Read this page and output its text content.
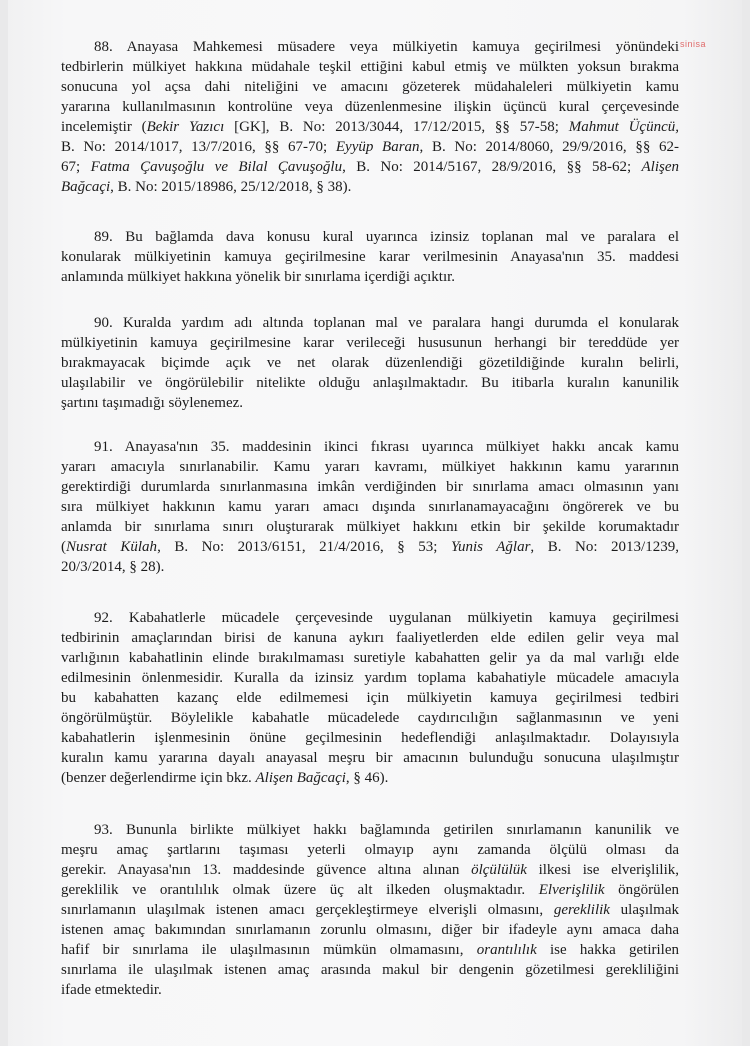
sinisa
88. Anayasa Mahkemesi müsadere veya mülkiyetin kamuya geçirilmesi yönündeki
tedbirlerin mülkiyet hakkına müdahale teşkil ettiğini kabul etmiş ve mülkten yoksun bırakma
sonucuna yol açsa dahi niteliğini ve amacını gözeterek müdahaleleri mülkiyetin kamu
yararına kullanılmasının kontrolüne veya düzenlenmesine ilişkin üçüncü kural çerçevesinde
incelemiştir (Bekir Yazıcı [GK], B. No: 2013/3044, 17/12/2015, §§ 57-58; Mahmut Üçüncü,
B. No: 2014/1017, 13/7/2016, §§ 67-70; Eyyüp Baran, B. No: 2014/8060, 29/9/2016, §§ 62-
67; Fatma Çavuşoğlu ve Bilal Çavuşoğlu, B. No: 2014/5167, 28/9/2016, §§ 58-62; Alişen
Bağcaçi, B. No: 2015/18986, 25/12/2018, § 38).
89. Bu bağlamda dava konusu kural uyarınca izinsiz toplanan mal ve paralara el
konularak mülkiyetinin kamuya geçirilmesine karar verilmesinin Anayasa'nın 35. maddesi
anlamında mülkiyet hakkına yönelik bir sınırlama içerdiği açıktır.
90. Kuralda yardım adı altında toplanan mal ve paralara hangi durumda el konularak
mülkiyetinin kamuya geçirilmesine karar verileceği hususunun herhangi bir tereddüde yer
bırakmayacak biçimde açık ve net olarak düzenlendiği gözetildiğinde kuralın belirli,
ulaşılabilir ve öngörülebilir nitelikte olduğu anlaşılmaktadır. Bu itibarla kuralın kanunilik
şartını taşımadığı söylenemez.
91. Anayasa'nın 35. maddesinin ikinci fıkrası uyarınca mülkiyet hakkı ancak kamu
yararı amacıyla sınırlanabilir. Kamu yararı kavramı, mülkiyet hakkının kamu yararının
gerektirdiği durumlarda sınırlanmasına imkân verdiğinden bir sınırlama amacı olmasının yanı
sıra mülkiyet hakkının kamu yararı amacı dışında sınırlanamayacağını öngörerek ve bu
anlamda bir sınırlama sınırı oluşturarak mülkiyet hakkını etkin bir şekilde korumaktadır
(Nusrat Külah, B. No: 2013/6151, 21/4/2016, § 53; Yunis Ağlar, B. No: 2013/1239,
20/3/2014, § 28).
92. Kabahatlerle mücadele çerçevesinde uygulanan mülkiyetin kamuya geçirilmesi
tedbirinin amaçlarından birisi de kanuna aykırı faaliyetlerden elde edilen gelir veya mal
varlığının kabahatlinin elinde bırakılmaması suretiyle kabahatten gelir ya da mal varlığı elde
edilmesinin önlenmesidir. Kuralla da izinsiz yardım toplama kabahatiyle mücadele amacıyla
bu kabahatten kazanç elde edilmemesi için mülkiyetin kamuya geçirilmesi tedbiri
öngörülmüştür. Böylelikle kabahatle mücadelede caydırıcılığın sağlanmasının ve yeni
kabahatlerin işlenmesinin önüne geçilmesinin hedeflendiği anlaşılmaktadır. Dolayısıyla
kuralın kamu yararına dayalı anayasal meşru bir amacının bulunduğu sonucuna ulaşılmıştır
(benzer değerlendirme için bkz. Alişen Bağcaçi, § 46).
93. Bununla birlikte mülkiyet hakkı bağlamında getirilen sınırlamanın kanunilik ve
meşru amaç şartlarını taşıması yeterli olmayıp aynı zamanda ölçülü olması da
gerekir. Anayasa'nın 13. maddesinde güvence altına alınan ölçülülük ilkesi ise elverişlilik,
gereklilik ve orantılılık olmak üzere üç alt ilkeden oluşmaktadır. Elverişlilik öngörülen
sınırlamanın ulaşılmak istenen amacı gerçekleştirmeye elverişli olmasını, gereklilik ulaşılmak
istenen amaç bakımından sınırlamanın zorunlu olmasını, diğer bir ifadeyle aynı amaca daha
hafif bir sınırlama ile ulaşılmasının mümkün olmamasını, orantılılık ise hakka getirilen
sınırlama ile ulaşılmak istenen amaç arasında makul bir dengenin gözetilmesi gerekliliğini
ifade etmektedir.
